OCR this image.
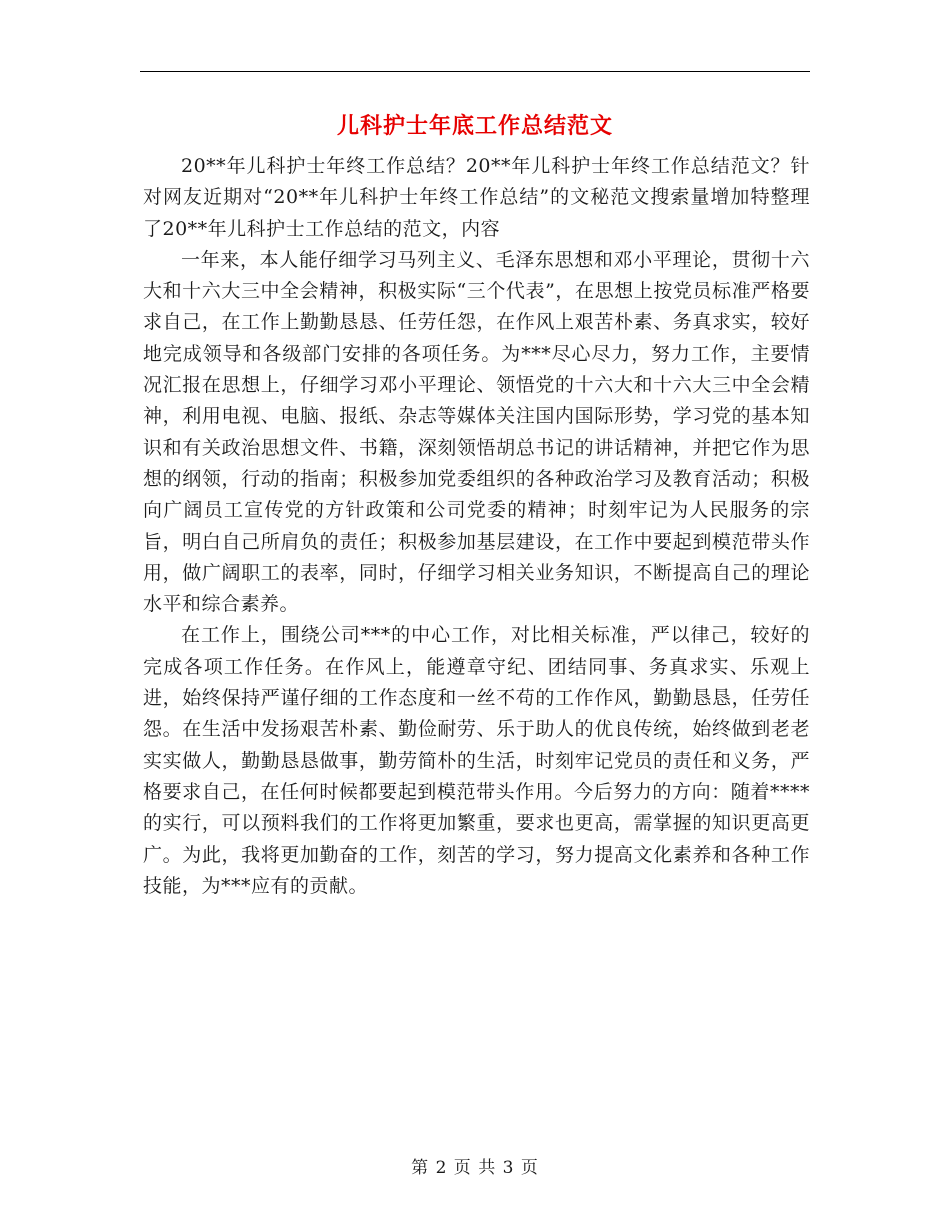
儿科护士年底工作总结范文

20**年儿科护士年终工作总结？20**年儿科护士年终工作总结范文？针对网友近期对“20**年儿科护士年终工作总结”的文秘范文搜索量增加特整理了20**年儿科护士工作总结的范文，内容

一年来，本人能仔细学习马列主义、毛泽东思想和邓小平理论，贯彻十六大和十六大三中全会精神，积极实际“三个代表”，在思想上按党员标准严格要求自己，在工作上勤勤恳恳、任劳任怨，在作风上艰苦朴素、务真求实，较好地完成领导和各级部门安排的各项任务。为***尽心尽力，努力工作，主要情况汇报在思想上，仔细学习邓小平理论、领悟党的十六大和十六大三中全会精神，利用电视、电脑、报纸、杂志等媒体关注国内国际形势，学习党的基本知识和有关政治思想文件、书籍，深刻领悟胡总书记的讲话精神，并把它作为思想的纲领，行动的指南；积极参加党委组织的各种政治学习及教育活动；积极向广阔员工宣传党的方针政策和公司党委的精神；时刻牢记为人民服务的宗旨，明白自己所肩负的责任；积极参加基层建设，在工作中要起到模范带头作用，做广阔职工的表率，同时，仔细学习相关业务知识，不断提高自己的理论水平和综合素养。

在工作上，围绕公司***的中心工作，对比相关标准，严以律己，较好的完成各项工作任务。在作风上，能遵章守纪、团结同事、务真求实、乐观上进，始终保持严谨仔细的工作态度和一丝不苟的工作作风，勤勤恳恳，任劳任怨。在生活中发扬艰苦朴素、勤俭耐劳、乐于助人的优良传统，始终做到老老实实做人，勤勤恳恳做事，勤劳简朴的生活，时刻牢记党员的责任和义务，严格要求自己，在任何时候都要起到模范带头作用。今后努力的方向：随着****的实行，可以预料我们的工作将更加繁重，要求也更高，需掌握的知识更高更广。为此，我将更加勤奋的工作，刻苦的学习，努力提高文化素养和各种工作技能，为***应有的贡献。

第 2 页 共 3 页
